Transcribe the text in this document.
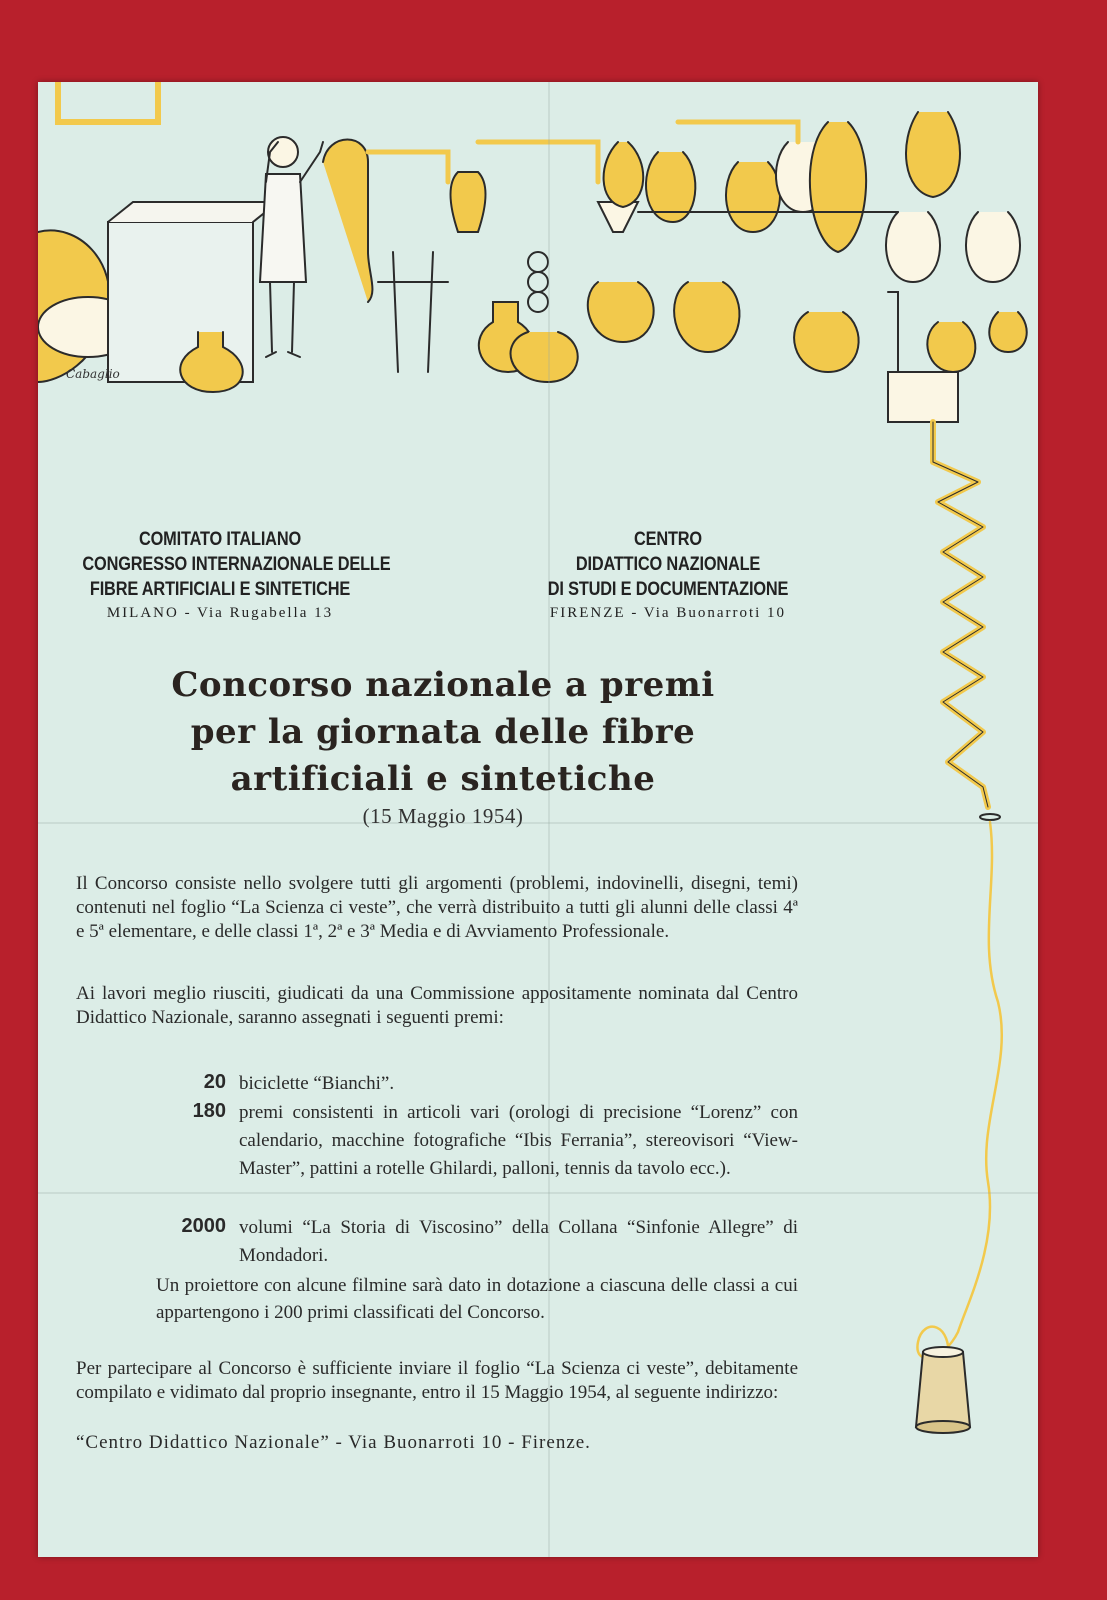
Cabaglio
COMITATO ITALIANO
CONGRESSO INTERNAZIONALE DELLE
FIBRE ARTIFICIALI E SINTETICHE
MILANO - Via Rugabella 13
CENTRO
DIDATTICO NAZIONALE
DI STUDI E DOCUMENTAZIONE
FIRENZE - Via Buonarroti 10
Concorso nazionale a premi
per la giornata delle fibre
artificiali e sintetiche
(15 Maggio 1954)
Il Concorso consiste nello svolgere tutti gli argomenti (problemi, indovinelli, disegni, temi) contenuti nel foglio “La Scienza ci veste”, che verrà distribuito a tutti gli alunni delle classi 4ª e 5ª elementare, e delle classi 1ª, 2ª e 3ª Media e di Avviamento Professionale.
Ai lavori meglio riusciti, giudicati da una Commissione appositamente nominata dal Centro Didattico Nazionale, saranno assegnati i seguenti premi:
20 biciclette “Bianchi”.
180 premi consistenti in articoli vari (orologi di precisione “Lorenz” con calendario, macchine fotografiche “Ibis Ferrania”, stereovisori “View-Master”, pattini a rotelle Ghilardi, palloni, tennis da tavolo ecc.).
2000 volumi “La Storia di Viscosino” della Collana “Sinfonie Allegre” di Mondadori.
Un proiettore con alcune filmine sarà dato in dotazione a ciascuna delle classi a cui appartengono i 200 primi classificati del Concorso.
Per partecipare al Concorso è sufficiente inviare il foglio “La Scienza ci veste”, debitamente compilato e vidimato dal proprio insegnante, entro il 15 Maggio 1954, al seguente indirizzo:
“Centro Didattico Nazionale” - Via Buonarroti 10 - Firenze.
